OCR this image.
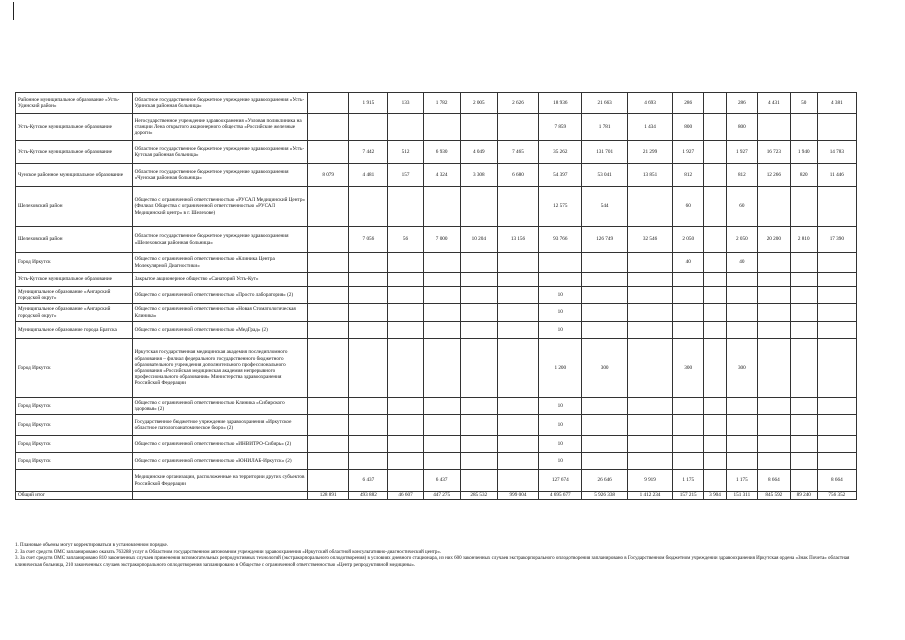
Районное муниципальное образование «Усть-Удинский район»	Областное государственное бюджетное учреждение здравоохранения «Усть-Удинская районная больница»		1 915	133	1 782	2 005	2 626	18 936	21 663	4 693	286		286	4 431	50	4 381
Усть-Кутское муниципальное образование	Негосударственное учреждение здравоохранения «Узловая поликлиника на станции Лена открытого акционерного общества «Российские железные дороги»							7 859	1 781	1 434	800		800			
Усть-Кутское муниципальное образование	Областное государственное бюджетное учреждение здравоохранения «Усть-Кутская районная больница»		7 442	512	6 930	4 049	7 465	35 262	131 701	21 299	1 927		1 927	16 723	1 940	14 783
Чунское районное муниципальное образование	Областное государственное бюджетное учреждение здравоохранения «Чунская районная больница»	8 079	4 481	157	4 324	3 308	6 680	54 397	53 041	13 851	812		812	12 266	820	11 446
Шелеховский район	Общество с ограниченной ответственностью «РУСАЛ Медицинский Центр» (Филиал Общества с ограниченной ответственностью «РУСАЛ Медицинский центр» в г. Шелехове)							12 575	544		60		60			
Шелеховский район	Областное государственное бюджетное учреждение здравоохранения «Шелеховская районная больница»		7 056	56	7 000	10 204	13 156	93 766	126 749	32 546	2 050		2 050	20 200	2 810	17 390
Город Иркутск	Общество с ограниченной ответственностью «Клиника Центра Молекулярной Диагностики»										40		40			
Усть-Кутское муниципальное образование	Закрытое акционерное общество «Санаторий Усть-Кут»															
Муниципальное образование «Ангарский городской округ»	Общество с ограниченной ответственностью «Просто лаборатория» (2)							10								
Муниципальное образование «Ангарский городской округ»	Общество с ограниченной ответственностью «Новая Стоматологическая Клиника»							10								
Муниципальное образование города Братска	Общество с ограниченной ответственностью «МедГрад» (2)							10								
Город Иркутск	Иркутская государственная медицинская академия последипломного образования – филиал федерального государственного бюджетного образовательного учреждения дополнительного профессионального образования «Российская медицинская академия непрерывного профессионального образования» Министерства здравоохранения Российской Федерации							1 200	300		300		300			
Город Иркутск	Общество с ограниченной ответственностью Клиника «Сибирского здоровья» (2)							10								
Город Иркутск	Государственное бюджетное учреждение здравоохранения «Иркутское областное патологоанатомическое бюро» (2)							10								
Город Иркутск	Общество с ограниченной ответственностью «ИНВИТРО-Сибирь» (2)							10								
Город Иркутск	Общество с ограниченной ответственностью «ЮНИЛАБ-Иркутск» (2)							10								
	Медицинские организации, расположенные на территории других субъектов Российской Федерации		6 437		6 437			127 674	26 646	9 919	1 175		1 175	8 664		8 664
Общий итог		128 891	493 882	46 607	447 275	285 532	999 004	4 695 677	5 926 338	1 412 234	157 215	3 904	151 311	845 592	89 240	756 352
1. Плановые объемы могут корректироваться в установленном порядке.
2. За счет средств ОМС запланировано оказать 763288 услуг в Областном государственном автономном учреждении здравоохранения «Иркутский областной консультативно-диагностический центр».
3. За счет средств ОМС запланировано 810 законченных случаев применения вспомогательных репродуктивных технологий (экстракорпорального оплодотворения) в условиях дневного стационара, из них 600 законченных случаев экстракорпорального оплодотворения запланировано в Государственном бюджетном учреждении здравоохранения Иркутская ордена «Знак Почета» областная клиническая больница, 210 законченных случаев экстракорпорального оплодотворения запланировано в Обществе с ограниченной ответственностью «Центр репродуктивной медицины».
